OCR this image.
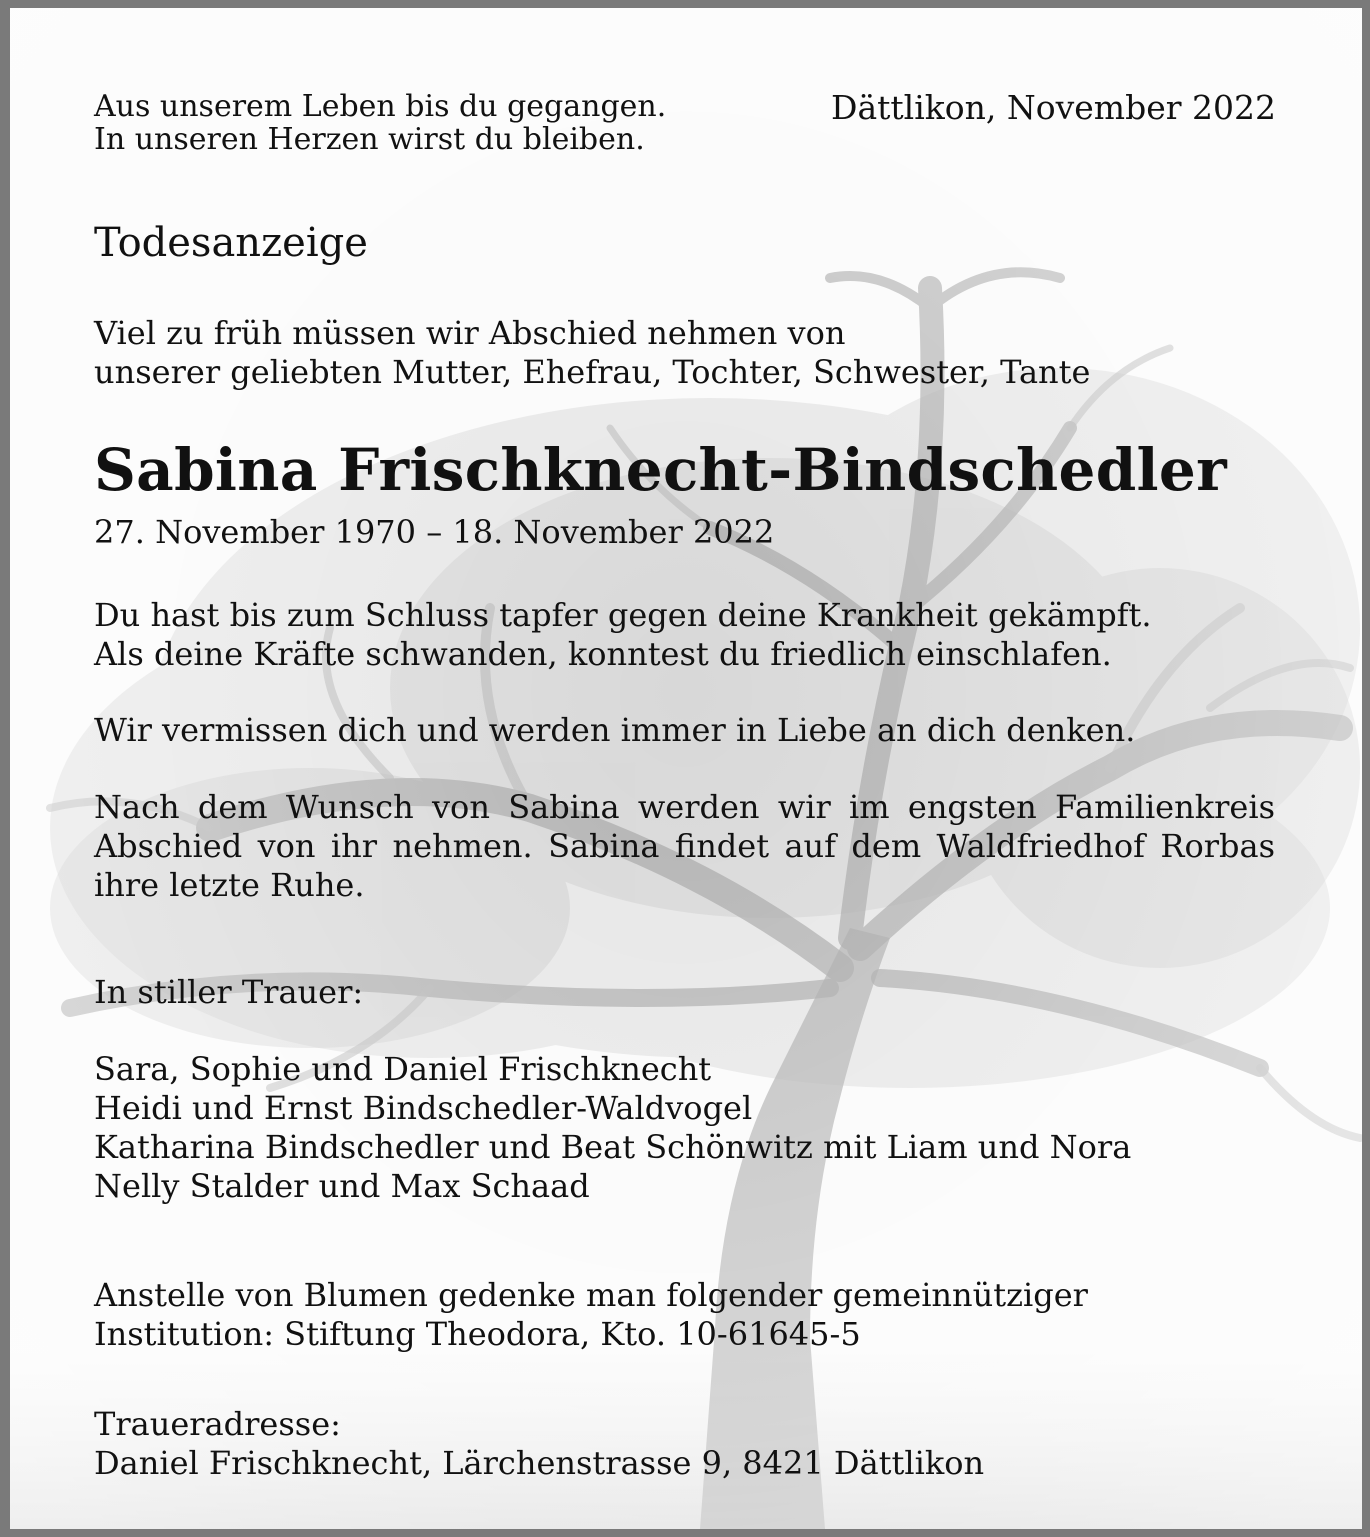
Aus unserem Leben bis du gegangen.
In unseren Herzen wirst du bleiben.
Dättlikon, November 2022
Todesanzeige
Viel zu früh müssen wir Abschied nehmen von
unserer geliebten Mutter, Ehefrau, Tochter, Schwester, Tante
Sabina Frischknecht-Bindschedler
27. November 1970 – 18. November 2022
Du hast bis zum Schluss tapfer gegen deine Krankheit gekämpft.
Als deine Kräfte schwanden, konntest du friedlich einschlafen.
Wir vermissen dich und werden immer in Liebe an dich denken.
Nach dem Wunsch von Sabina werden wir im engsten Familienkreis
Abschied von ihr nehmen. Sabina findet auf dem Waldfriedhof Rorbas
ihre letzte Ruhe.
In stiller Trauer:
Sara, Sophie und Daniel Frischknecht
Heidi und Ernst Bindschedler-Waldvogel
Katharina Bindschedler und Beat Schönwitz mit Liam und Nora
Nelly Stalder und Max Schaad
Anstelle von Blumen gedenke man folgender gemeinnütziger
Institution: Stiftung Theodora, Kto. 10-61645-5
Traueradresse:
Daniel Frischknecht, Lärchenstrasse 9, 8421 Dättlikon
